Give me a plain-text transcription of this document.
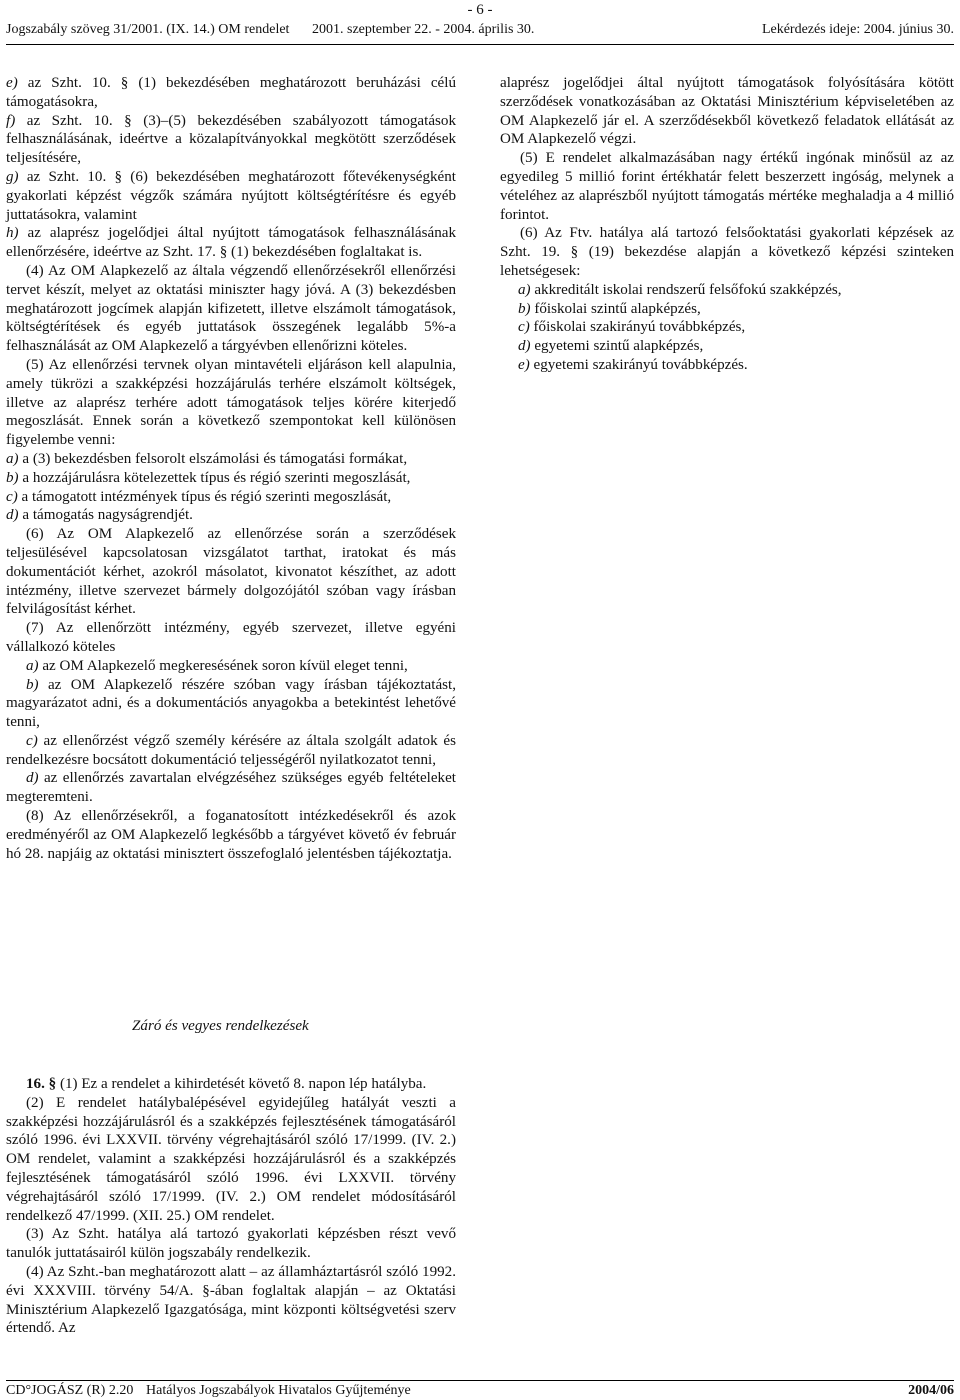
- 6 -
Jogszabály szöveg 31/2001. (IX. 14.) OM rendelet 2001. szeptember 22. - 2004. április 30.	Lekérdezés ideje: 2004. június 30.

e) az Szht. 10. § (1) bekezdésében meghatározott beruházási célú támogatásokra,

f) az Szht. 10. § (3)–(5) bekezdésében szabályozott támogatások felhasználásának, ideértve a közalapítványokkal megkötött szerződések teljesítésére,

g) az Szht. 10. § (6) bekezdésében meghatározott főtevékenységként gyakorlati képzést végzők számára nyújtott költségtérítésre és egyéb juttatásokra, valamint

h) az alaprész jogelődjei által nyújtott támogatások felhasználásának ellenőrzésére, ideértve az Szht. 17. § (1) bekezdésében foglaltakat is.

(4) Az OM Alapkezelő az általa végzendő ellenőrzésekről ellenőrzési tervet készít, melyet az oktatási miniszter hagy jóvá. A (3) bekezdésben meghatározott jogcímek alapján kifizetett, illetve elszámolt támogatások, költségtérítések és egyéb juttatások összegének legalább 5%-a felhasználását az OM Alapkezelő a tárgyévben ellenőrizni köteles.

(5) Az ellenőrzési tervnek olyan mintavételi eljáráson kell alapulnia, amely tükrözi a szakképzési hozzájárulás terhére elszámolt költségek, illetve az alaprész terhére adott támogatások teljes körére kiterjedő megoszlását. Ennek során a következő szempontokat kell különösen figyelembe venni:

a) a (3) bekezdésben felsorolt elszámolási és támogatási formákat,

b) a hozzájárulásra kötelezettek típus és régió szerinti megoszlását,

c) a támogatott intézmények típus és régió szerinti megoszlását,

d) a támogatás nagyságrendjét.

(6) Az OM Alapkezelő az ellenőrzése során a szerződések teljesülésével kapcsolatosan vizsgálatot tarthat, iratokat és más dokumentációt kérhet, azokról másolatot, kivonatot készíthet, az adott intézmény, illetve szervezet bármely dolgozójától szóban vagy írásban felvilágosítást kérhet.

(7) Az ellenőrzött intézmény, egyéb szervezet, illetve egyéni vállalkozó köteles

a) az OM Alapkezelő megkeresésének soron kívül eleget tenni,

b) az OM Alapkezelő részére szóban vagy írásban tájékoztatást, magyarázatot adni, és a dokumentációs anyagokba a betekintést lehetővé tenni,

c) az ellenőrzést végző személy kérésére az általa szolgált adatok és rendelkezésre bocsátott dokumentáció teljességéről nyilatkozatot tenni,

d) az ellenőrzés zavartalan elvégzéséhez szükséges egyéb feltételeket megteremteni.

(8) Az ellenőrzésekről, a foganatosított intézkedésekről és azok eredményéről az OM Alapkezelő legkésőbb a tárgyévet követő év február hó 28. napjáig az oktatási minisztert összefoglaló jelentésben tájékoztatja.

Záró és vegyes rendelkezések

16. § (1) Ez a rendelet a kihirdetését követő 8. napon lép hatályba.

(2) E rendelet hatálybalépésével egyidejűleg hatályát veszti a szakképzési hozzájárulásról és a szakképzés fejlesztésének támogatásáról szóló 1996. évi LXXVII. törvény végrehajtásáról szóló 17/1999. (IV. 2.) OM rendelet, valamint a szakképzési hozzájárulásról és a szakképzés fejlesztésének támogatásáról szóló 1996. évi LXXVII. törvény végrehajtásáról szóló 17/1999. (IV. 2.) OM rendelet módosításáról rendelkező 47/1999. (XII. 25.) OM rendelet.

(3) Az Szht. hatálya alá tartozó gyakorlati képzésben részt vevő tanulók juttatásairól külön jogszabály rendelkezik.

(4) Az Szht.-ban meghatározott alatt – az államháztartásról szóló 1992. évi XXXVIII. törvény 54/A. §-ában foglaltak alapján – az Oktatási Minisztérium Alapkezelő Igazgatósága, mint központi költségvetési szerv értendő. Az

alaprész jogelődjei által nyújtott támogatások folyósítására kötött szerződések vonatkozásában az Oktatási Minisztérium képviseletében az OM Alapkezelő jár el. A szerződésekből következő feladatok ellátását az OM Alapkezelő végzi.

(5) E rendelet alkalmazásában nagy értékű ingónak minősül az az egyedileg 5 millió forint értékhatár felett beszerzett ingóság, melynek a vételéhez az alaprészből nyújtott támogatás mértéke meghaladja a 4 millió forintot.

(6) Az Ftv. hatálya alá tartozó felsőoktatási gyakorlati képzések az Szht. 19. § (19) bekezdése alapján a következő képzési szinteken lehetségesek:

a) akkreditált iskolai rendszerű felsőfokú szakképzés,

b) főiskolai szintű alapképzés,

c) főiskolai szakirányú továbbképzés,

d) egyetemi szintű alapképzés,

e) egyetemi szakirányú továbbképzés.

CD°JOGÁSZ (R) 2.20 Hatályos Jogszabályok Hivatalos Gyűjteménye	2004/06
